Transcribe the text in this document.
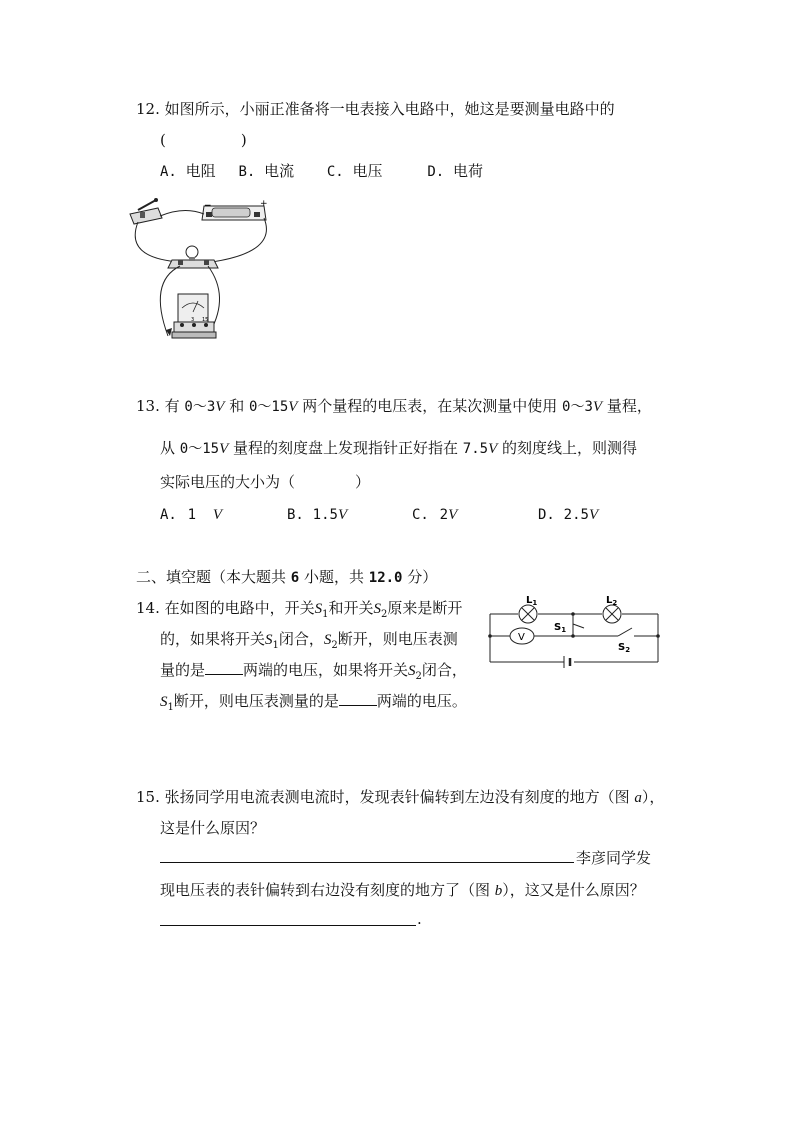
12. 如图所示，小丽正准备将一电表接入电路中，她这是要测量电路中的
(　　　　　)
A. 电阻 B. 电流 C. 电压	D. 电荷
−	+
3 15
13. 有 0～3V 和 0～15V 两个量程的电压表，在某次测量中使用 0～3V 量程，
从 0～15V 量程的刻度盘上发现指针正好指在 7.5V 的刻度线上，则测得
实际电压的大小为（　　　　）
A. 1 V	B. 1.5V	C. 2V	D. 2.5V
二、填空题（本大题共 6 小题，共 12.0 分）
14. 在如图的电路中，开关$S_1$和开关$S_2$原来是断开
的，如果将开关$S_1$闭合，$S_2$断开，则电压表测
量的是	两端的电压，如果将开关$S_2$闭合，
$S_1$断开，则电压表测量的是	两端的电压。
$L_1$	$L_2$
$S_1$
V
$S_2$
15. 张扬同学用电流表测电流时，发现表针偏转到左边没有刻度的地方（图 a），
这是什么原因？
李彦同学发
现电压表的表针偏转到右边没有刻度的地方了（图 b），这又是什么原因？
.
